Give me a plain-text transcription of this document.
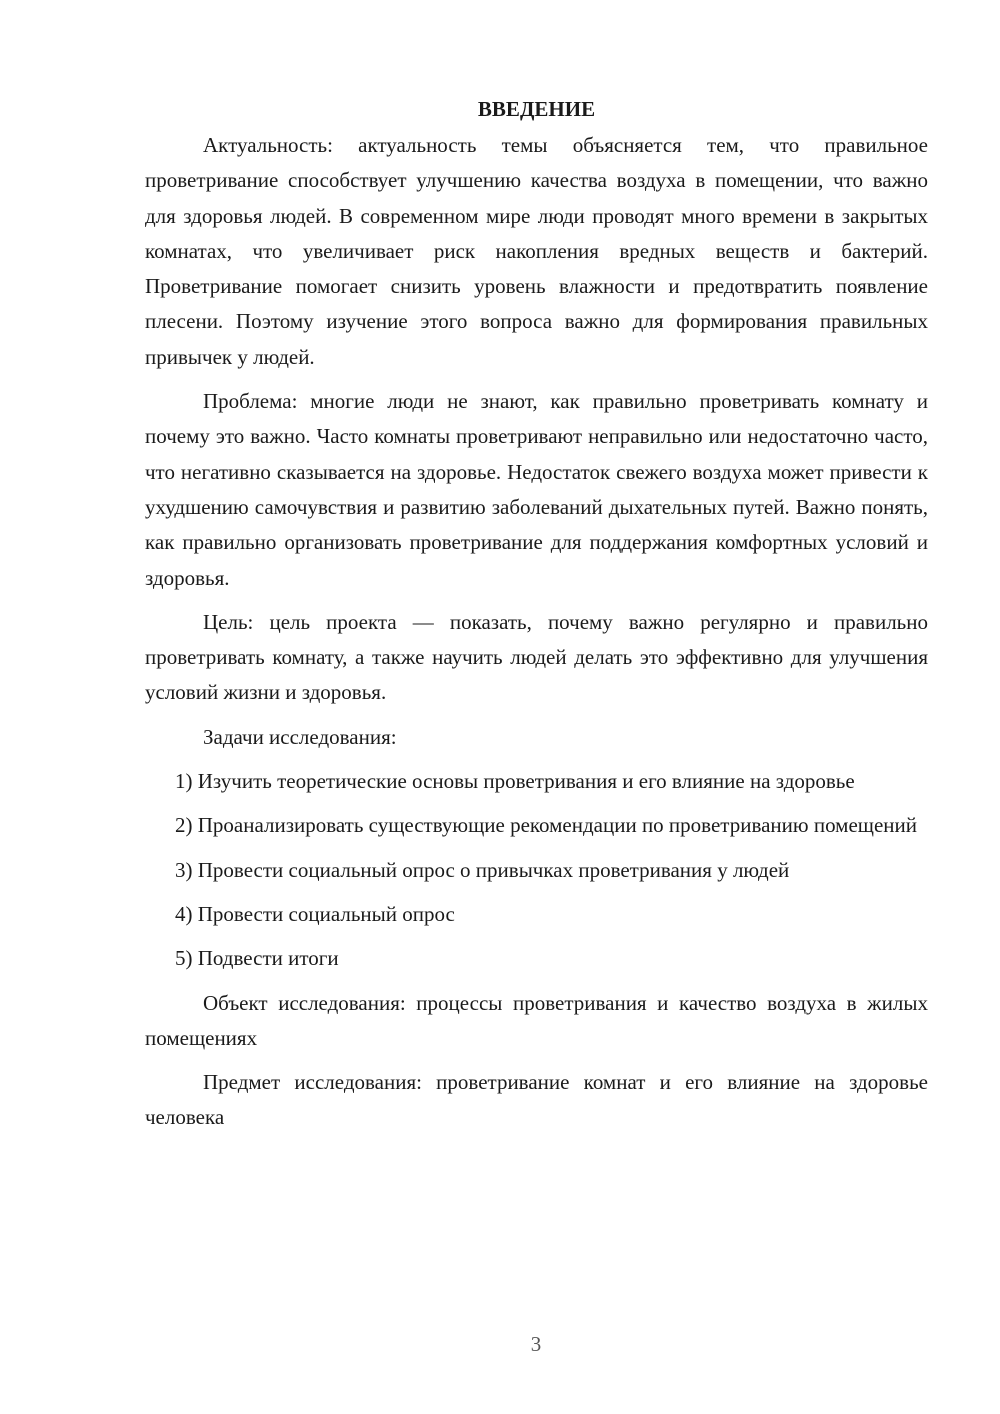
ВВЕДЕНИЕ

Актуальность: актуальность темы объясняется тем, что правильное проветривание способствует улучшению качества воздуха в помещении, что важно для здоровья людей. В современном мире люди проводят много времени в закрытых комнатах, что увеличивает риск накопления вредных веществ и бактерий. Проветривание помогает снизить уровень влажности и предотвратить появление плесени. Поэтому изучение этого вопроса важно для формирования правильных привычек у людей.

Проблема: многие люди не знают, как правильно проветривать комнату и почему это важно. Часто комнаты проветривают неправильно или недостаточно часто, что негативно сказывается на здоровье. Недостаток свежего воздуха может привести к ухудшению самочувствия и развитию заболеваний дыхательных путей. Важно понять, как правильно организовать проветривание для поддержания комфортных условий и здоровья.

Цель: цель проекта — показать, почему важно регулярно и правильно проветривать комнату, а также научить людей делать это эффективно для улучшения условий жизни и здоровья.

Задачи исследования:

1) Изучить теоретические основы проветривания и его влияние на здоровье

2) Проанализировать существующие рекомендации по проветриванию помещений

3) Провести социальный опрос о привычках проветривания у людей

4) Провести социальный опрос

5) Подвести итоги

Объект исследования: процессы проветривания и качество воздуха в жилых помещениях

Предмет исследования: проветривание комнат и его влияние на здоровье человека

3
